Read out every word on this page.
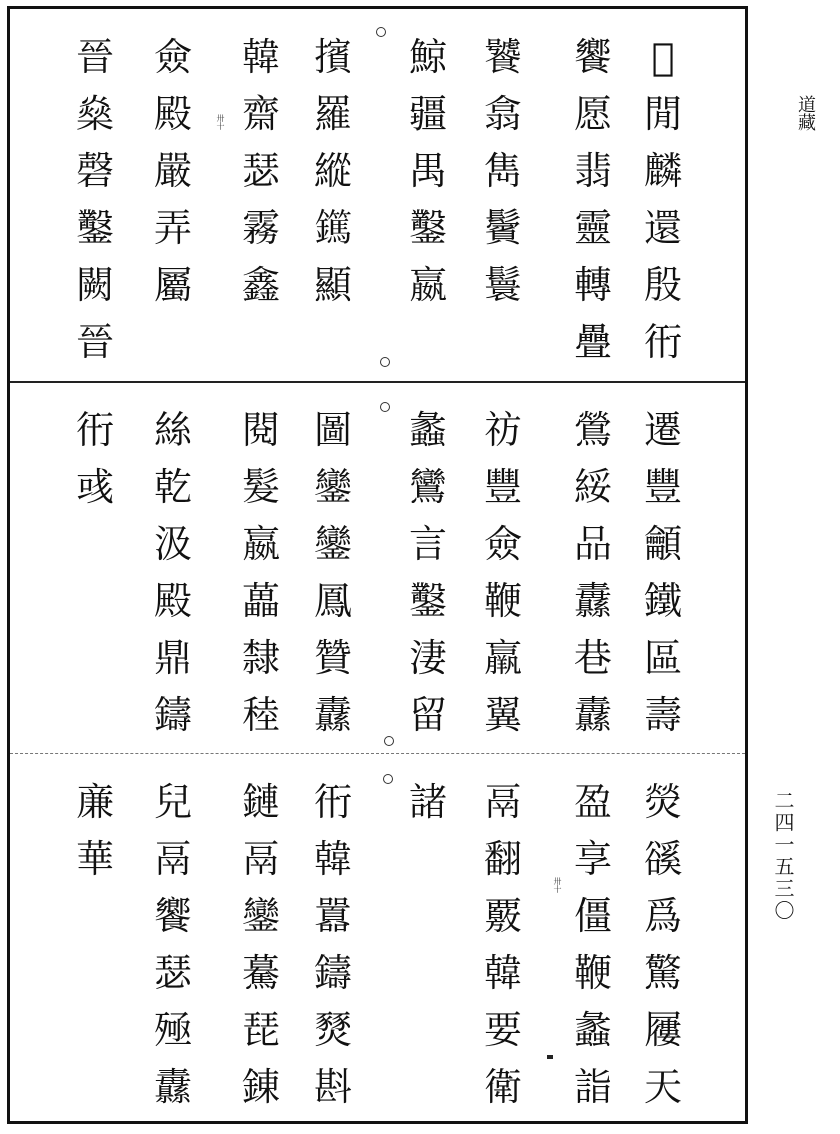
卅十
卅十
󿿽
閒
麟
還
殷
衎
饗
愿
翡
靈
轉
疊
饕
翕
雋
鬢
鬟
鯨
疆
禺
鑿
嬴
擯
羅
縱
𨯹
顯
韓
齋
瑟
霧
鑫
僉
殿
嚴
弄
屬
晉
燊
磬
鑿
闕
晉
遷
豐
龥
鐵
區
壽
鶯
綏
品
纛
巷
纛
祊
豐
僉
鞭
羸
翼
蠡
鸞
言
鑿
淒
留
圖
鑾
鑾
鳳
贊
纛
閱
髮
嬴
藟
隸
稑
絲
乾
汲
殿
鼎
鑄
衎
彧
熒
豀
爲
驚
屨
天
盈
享
僵
鞭
蠡
詣
鬲
翻
覈
韓
要
衛
諸
衎
韓
囂
鑄
燹
斟
鏈
鬲
鑾
驀
琵
錬
兒
鬲
饗
瑟
殛
纛
亷
華
道藏
二四一五三〇
